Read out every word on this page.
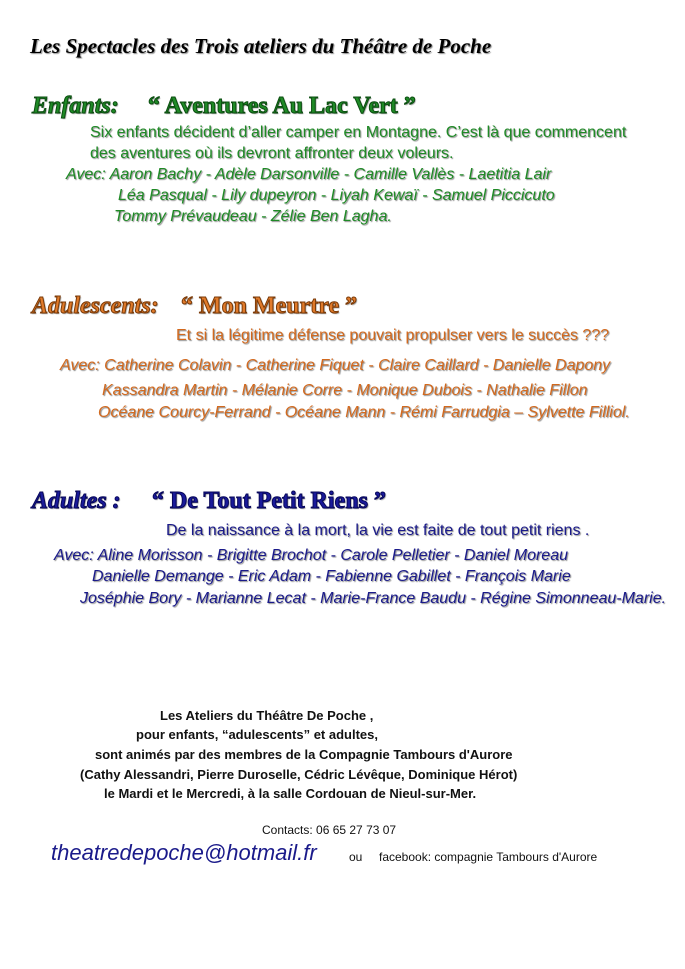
Les Spectacles des Trois ateliers du Théâtre de Poche
Enfants: “ Aventures Au Lac Vert ”
Six enfants décident d’aller camper en Montagne. C’est là que commencent
des aventures où ils devront affronter deux voleurs.
Avec: Aaron Bachy - Adèle Darsonville - Camille Vallès - Laetitia Lair
Léa Pasqual - Lily dupeyron - Liyah Kewaï - Samuel Piccicuto
Tommy Prévaudeau - Zélie Ben Lagha.
Adulescents: “ Mon Meurtre ”
Et si la légitime défense pouvait propulser vers le succès ???
Avec: Catherine Colavin - Catherine Fiquet - Claire Caillard - Danielle Dapony
Kassandra Martin - Mélanie Corre - Monique Dubois - Nathalie Fillon
Océane Courcy-Ferrand - Océane Mann - Rémi Farrudgia – Sylvette Filliol.
Adultes : “ De Tout Petit Riens ”
De la naissance à la mort, la vie est faite de tout petit riens .
Avec: Aline Morisson - Brigitte Brochot - Carole Pelletier - Daniel Moreau
Danielle Demange - Eric Adam - Fabienne Gabillet - François Marie
Joséphie Bory - Marianne Lecat - Marie-France Baudu - Régine Simonneau-Marie.
Les Ateliers du Théâtre De Poche ,
pour enfants, “adulescents” et adultes,
sont animés par des membres de la Compagnie Tambours d'Aurore
(Cathy Alessandri, Pierre Duroselle, Cédric Lévêque, Dominique Hérot)
le Mardi et le Mercredi, à la salle Cordouan de Nieul-sur-Mer.
Contacts: 06 65 27 73 07
theatredepoche@hotmail.fr	ou facebook: compagnie Tambours d'Aurore
